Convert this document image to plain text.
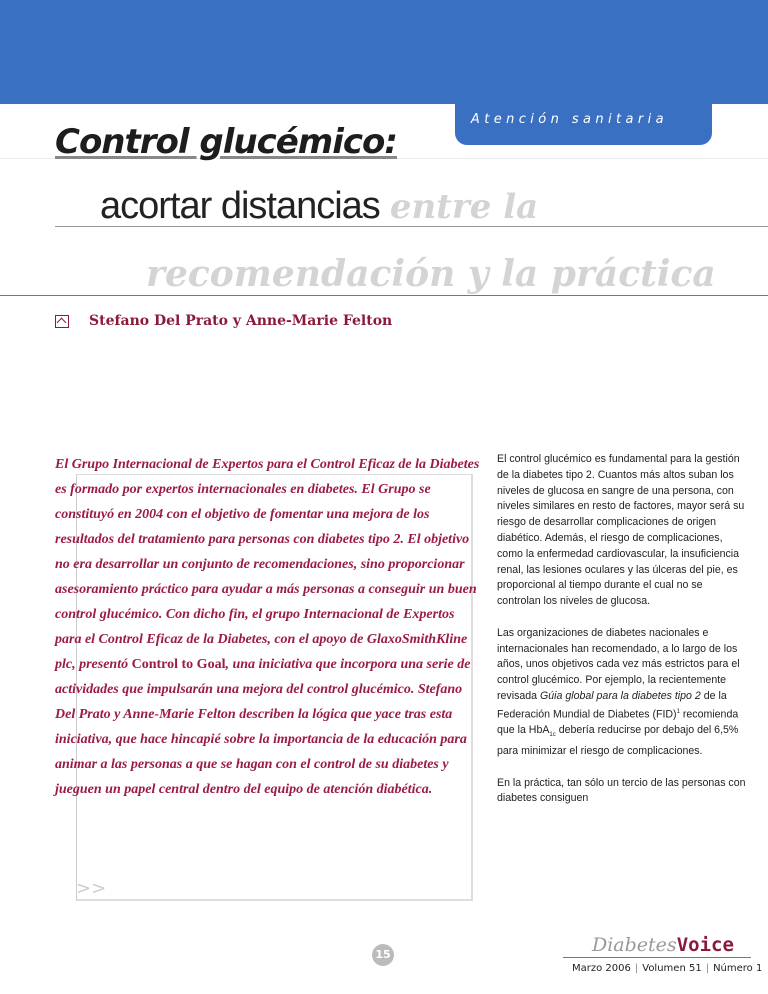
Atención sanitaria
Control glucémico:
acortar distancias entre la
recomendación y la práctica
Stefano Del Prato y Anne-Marie Felton
El Grupo Internacional de Expertos para el Control Eficaz de la Diabetes es formado por expertos internacionales en diabetes. El Grupo se constituyó en 2004 con el objetivo de fomentar una mejora de los resultados del tratamiento para personas con diabetes tipo 2. El objetivo no era desarrollar un conjunto de recomendaciones, sino proporcionar asesoramiento práctico para ayudar a más personas a conseguir un buen control glucémico. Con dicho fin, el grupo Internacional de Expertos para el Control Eficaz de la Diabetes, con el apoyo de GlaxoSmithKline plc, presentó Control to Goal, una iniciativa que incorpora una serie de actividades que impulsarán una mejora del control glucémico. Stefano Del Prato y Anne-Marie Felton describen la lógica que yace tras esta iniciativa, que hace hincapié sobre la importancia de la educación para animar a las personas a que se hagan con el control de su diabetes y jueguen un papel central dentro del equipo de atención diabética.
>>

El control glucémico es fundamental para la gestión de la diabetes tipo 2. Cuantos más altos suban los niveles de glucosa en sangre de una persona, con niveles similares en resto de factores, mayor será su riesgo de desarrollar complicaciones de origen diabético. Además, el riesgo de complicaciones, como la enfermedad cardiovascular, la insuficiencia renal, las lesiones oculares y las úlceras del pie, es proporcional al tiempo durante el cual no se controlan los niveles de glucosa.

Las organizaciones de diabetes nacionales e internacionales han recomendado, a lo largo de los años, unos objetivos cada vez más estrictos para el control glucémico. Por ejemplo, la recientemente revisada Gúia global para la diabetes tipo 2 de la Federación Mundial de Diabetes (FID)$^1$ recomienda que la HbA$_{1c}$ debería reducirse por debajo del 6,5% para minimizar el riesgo de complicaciones.

En la práctica, tan sólo un tercio de las personas con diabetes consiguen

15	DiabetesVoice
Marzo 2006 | Volumen 51 | Número 1
